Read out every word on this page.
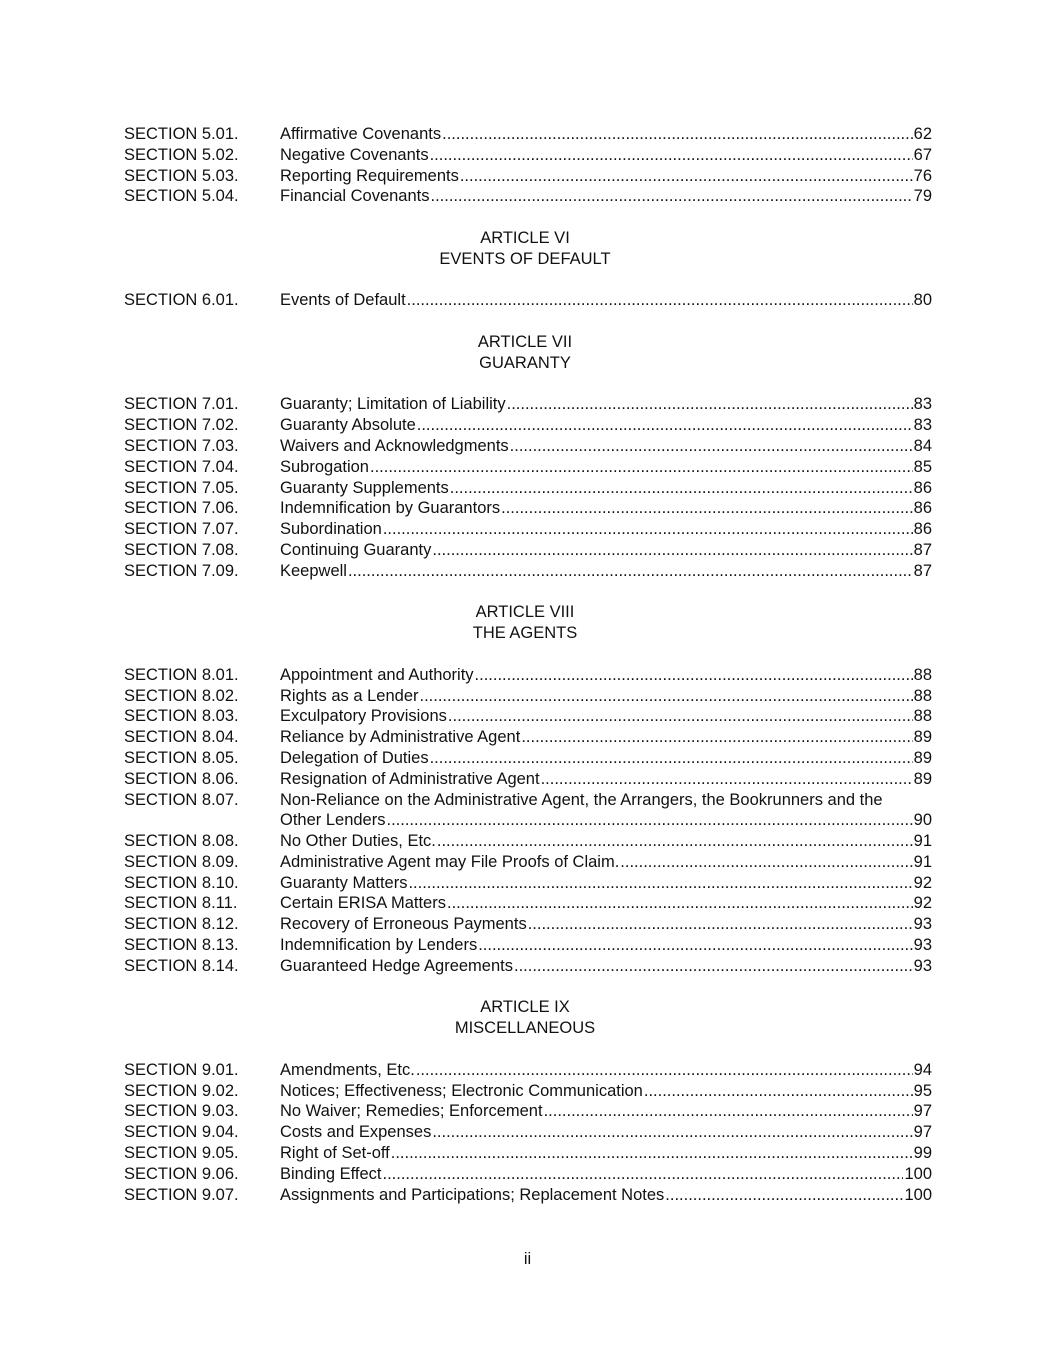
SECTION 5.01.	Affirmative Covenants .....	62
SECTION 5.02.	Negative Covenants .....	67
SECTION 5.03.	Reporting Requirements .....	76
SECTION 5.04.	Financial Covenants .....	79
ARTICLE VI
EVENTS OF DEFAULT
SECTION 6.01.	Events of Default .....	80
ARTICLE VII
GUARANTY
SECTION 7.01.	Guaranty; Limitation of Liability .....	83
SECTION 7.02.	Guaranty Absolute .....	83
SECTION 7.03.	Waivers and Acknowledgments .....	84
SECTION 7.04.	Subrogation .....	85
SECTION 7.05.	Guaranty Supplements .....	86
SECTION 7.06.	Indemnification by Guarantors .....	86
SECTION 7.07.	Subordination .....	86
SECTION 7.08.	Continuing Guaranty .....	87
SECTION 7.09.	Keepwell .....	87
ARTICLE VIII
THE AGENTS
SECTION 8.01.	Appointment and Authority .....	88
SECTION 8.02.	Rights as a Lender .....	88
SECTION 8.03.	Exculpatory Provisions .....	88
SECTION 8.04.	Reliance by Administrative Agent .....	89
SECTION 8.05.	Delegation of Duties .....	89
SECTION 8.06.	Resignation of Administrative Agent .....	89
SECTION 8.07.	Non-Reliance on the Administrative Agent, the Arrangers, the Bookrunners and the
Other Lenders .....	90
SECTION 8.08.	No Other Duties, Etc. .....	91
SECTION 8.09.	Administrative Agent may File Proofs of Claim. .....	91
SECTION 8.10.	Guaranty Matters .....	92
SECTION 8.11.	Certain ERISA Matters .....	92
SECTION 8.12.	Recovery of Erroneous Payments .....	93
SECTION 8.13.	Indemnification by Lenders .....	93
SECTION 8.14.	Guaranteed Hedge Agreements .....	93
ARTICLE IX
MISCELLANEOUS
SECTION 9.01.	Amendments, Etc. .....	94
SECTION 9.02.	Notices; Effectiveness; Electronic Communication .....	95
SECTION 9.03.	No Waiver; Remedies; Enforcement .....	97
SECTION 9.04.	Costs and Expenses .....	97
SECTION 9.05.	Right of Set-off .....	99
SECTION 9.06.	Binding Effect .....	100
SECTION 9.07.	Assignments and Participations; Replacement Notes .....	100
ii
